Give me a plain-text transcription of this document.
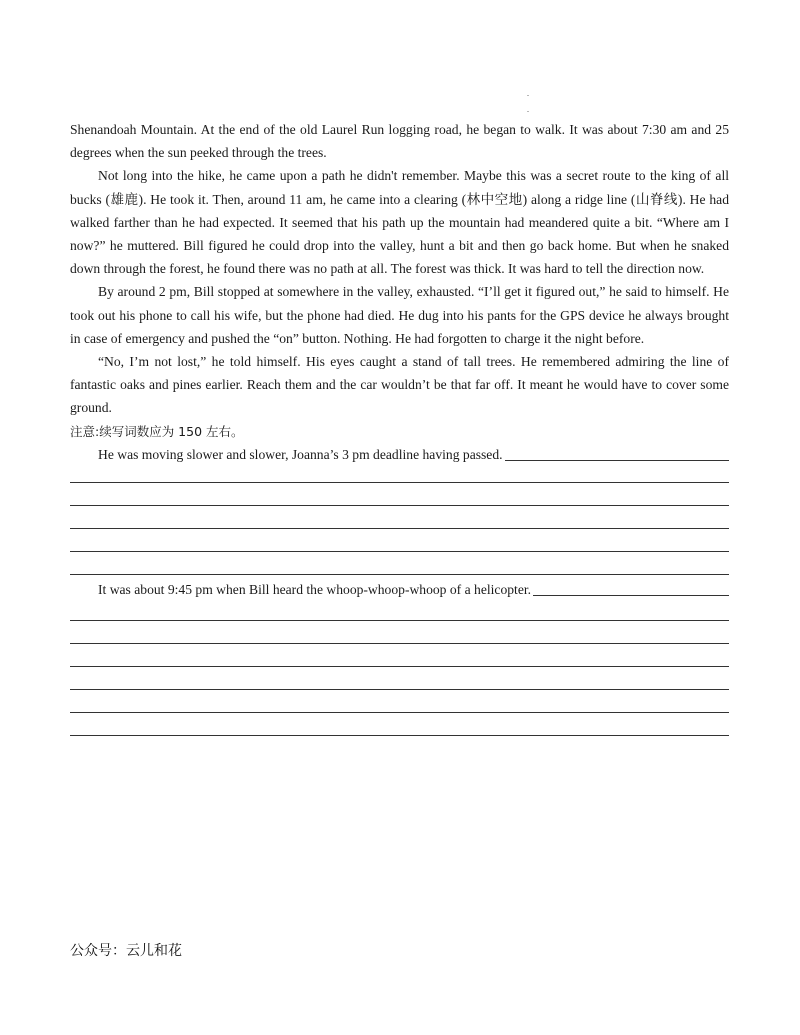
.
.

Shenandoah Mountain. At the end of the old Laurel Run logging road, he began to walk. It was about 7:30 am and 25 degrees when the sun peeked through the trees.

Not long into the hike, he came upon a path he didn't remember. Maybe this was a secret route to the king of all bucks (雄鹿). He took it. Then, around 11 am, he came into a clearing (林中空地) along a ridge line (山脊线). He had walked farther than he had expected. It seemed that his path up the mountain had meandered quite a bit. “Where am I now?” he muttered. Bill figured he could drop into the valley, hunt a bit and then go back home. But when he snaked down through the forest, he found there was no path at all. The forest was thick. It was hard to tell the direction now.

By around 2 pm, Bill stopped at somewhere in the valley, exhausted. “I’ll get it figured out,” he said to himself. He took out his phone to call his wife, but the phone had died. He dug into his pants for the GPS device he always brought in case of emergency and pushed the “on” button. Nothing. He had forgotten to charge it the night before.

“No, I’m not lost,” he told himself. His eyes caught a stand of tall trees. He remembered admiring the line of fantastic oaks and pines earlier. Reach them and the car wouldn’t be that far off. It meant he would have to cover some ground.

注意:续写词数应为 150 左右。

He was moving slower and slower, Joanna’s 3 pm deadline having passed.
It was about 9:45 pm when Bill heard the whoop-whoop-whoop of a helicopter.
公众号：云儿和花
